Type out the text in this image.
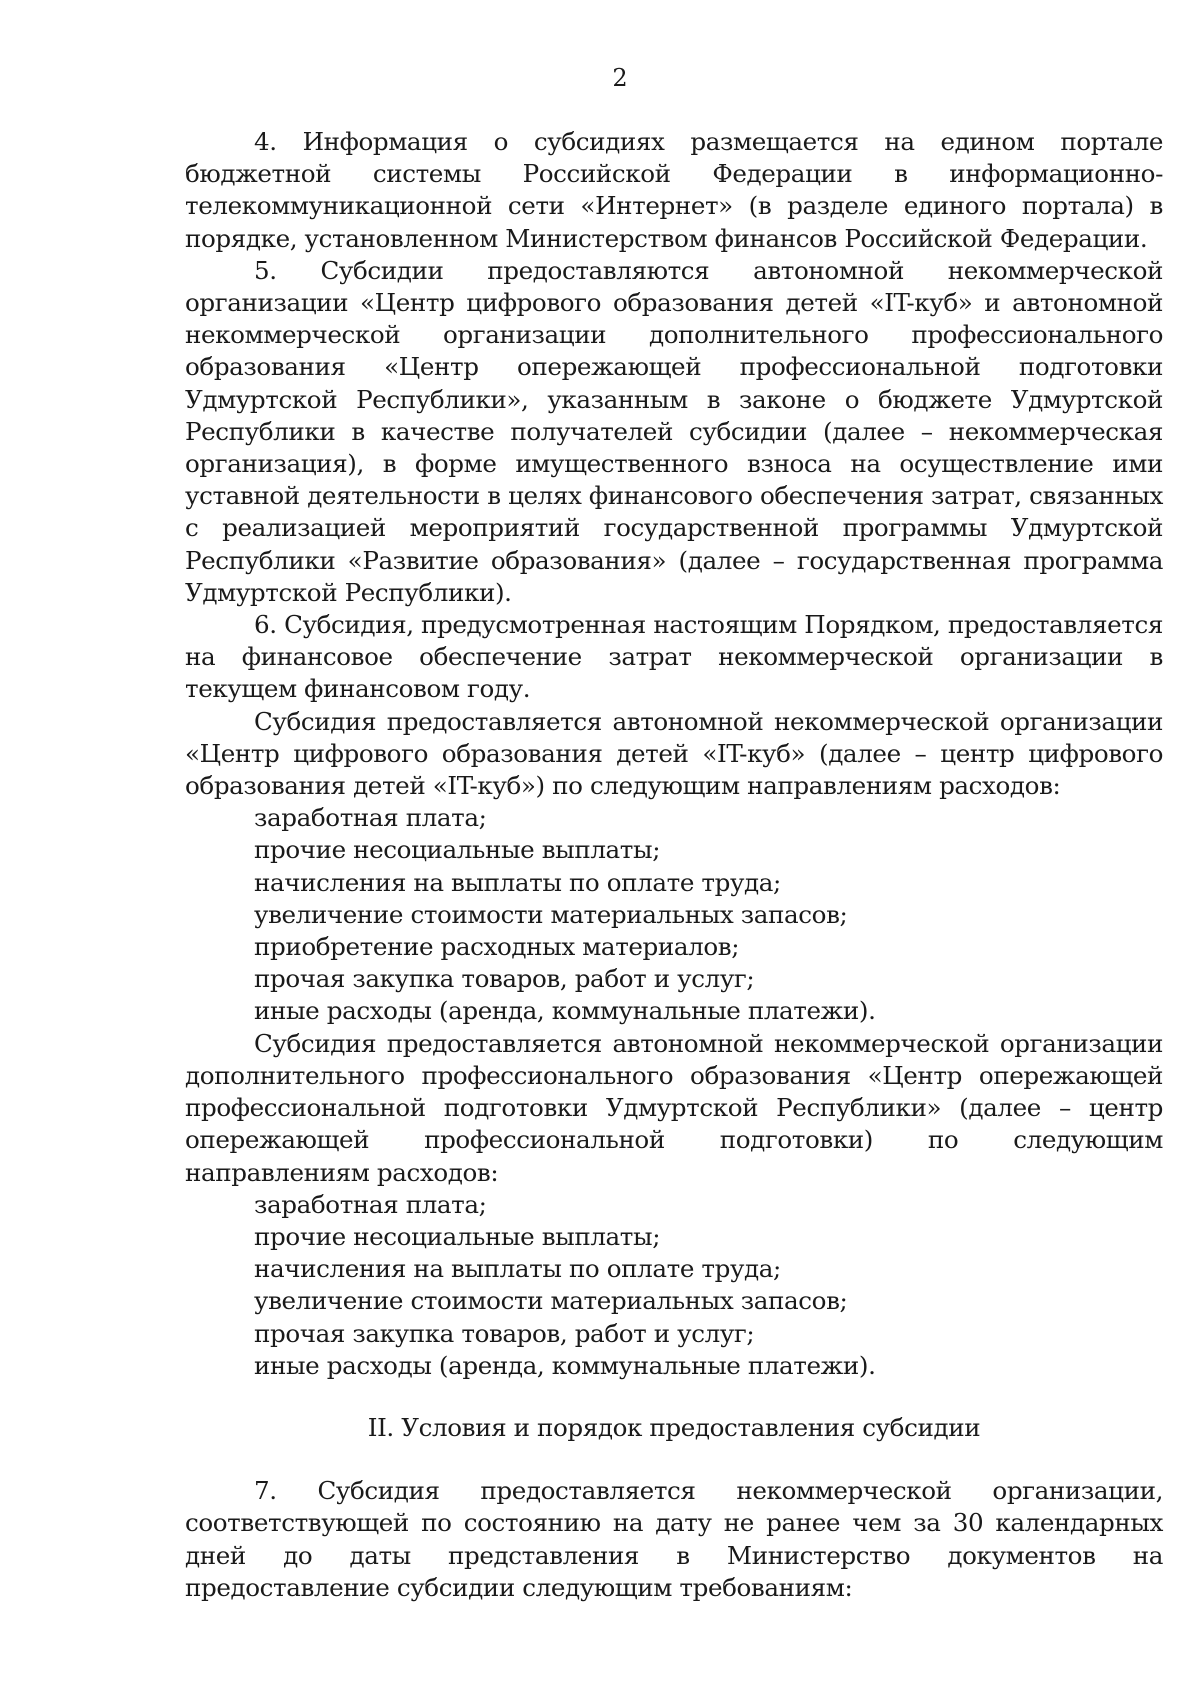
2

4. Информация о субсидиях размещается на едином портале бюджетной системы Российской Федерации в информационно-телекоммуникационной сети «Интернет» (в разделе единого портала) в порядке, установленном Министерством финансов Российской Федерации.

5. Субсидии предоставляются автономной некоммерческой организации «Центр цифрового образования детей «IT-куб» и автономной некоммерческой организации дополнительного профессионального образования «Центр опережающей профессиональной подготовки Удмуртской Республики», указанным в законе о бюджете Удмуртской Республики в качестве получателей субсидии (далее – некоммерческая организация), в форме имущественного взноса на осуществление ими уставной деятельности в целях финансового обеспечения затрат, связанных с реализацией мероприятий государственной программы Удмуртской Республики «Развитие образования» (далее – государственная программа Удмуртской Республики).

6. Субсидия, предусмотренная настоящим Порядком, предоставляется на финансовое обеспечение затрат некоммерческой организации в текущем финансовом году.

Субсидия предоставляется автономной некоммерческой организации «Центр цифрового образования детей «IT-куб» (далее – центр цифрового образования детей «IT-куб») по следующим направлениям расходов:

заработная плата;

прочие несоциальные выплаты;

начисления на выплаты по оплате труда;

увеличение стоимости материальных запасов;

приобретение расходных материалов;

прочая закупка товаров, работ и услуг;

иные расходы (аренда, коммунальные платежи).

Субсидия предоставляется автономной некоммерческой организации дополнительного профессионального образования «Центр опережающей профессиональной подготовки Удмуртской Республики» (далее – центр опережающей профессиональной подготовки) по следующим направлениям расходов:

заработная плата;

прочие несоциальные выплаты;

начисления на выплаты по оплате труда;

увеличение стоимости материальных запасов;

прочая закупка товаров, работ и услуг;

иные расходы (аренда, коммунальные платежи).

II. Условия и порядок предоставления субсидии

7. Субсидия предоставляется некоммерческой организации, соответствующей по состоянию на дату не ранее чем за 30 календарных дней до даты представления в Министерство документов на предоставление субсидии следующим требованиям:
